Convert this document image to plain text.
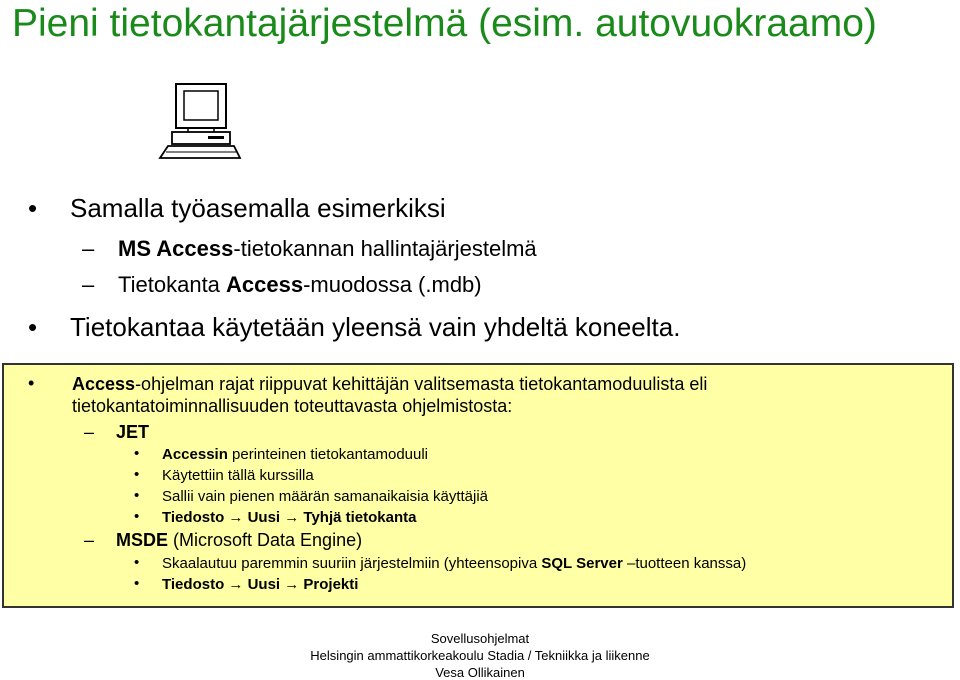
Pieni tietokantajärjestelmä (esim. autovuokraamo)
• Samalla työasemalla esimerkiksi
– MS Access-tietokannan hallintajärjestelmä
– Tietokanta Access-muodossa (.mdb)
• Tietokantaa käytetään yleensä vain yhdeltä koneelta.
• Access-ohjelman rajat riippuvat kehittäjän valitsemasta tietokantamoduulista eli
tietokantatoiminnallisuuden toteuttavasta ohjelmistosta:
– JET
• Accessin perinteinen tietokantamoduuli
• Käytettiin tällä kurssilla
• Sallii vain pienen määrän samanaikaisia käyttäjiä
• Tiedosto → Uusi → Tyhjä tietokanta
– MSDE (Microsoft Data Engine)
• Skaalautuu paremmin suuriin järjestelmiin (yhteensopiva SQL Server –tuotteen kanssa)
• Tiedosto → Uusi → Projekti
Sovellusohjelmat
Helsingin ammattikorkeakoulu Stadia / Tekniikka ja liikenne
Vesa Ollikainen
